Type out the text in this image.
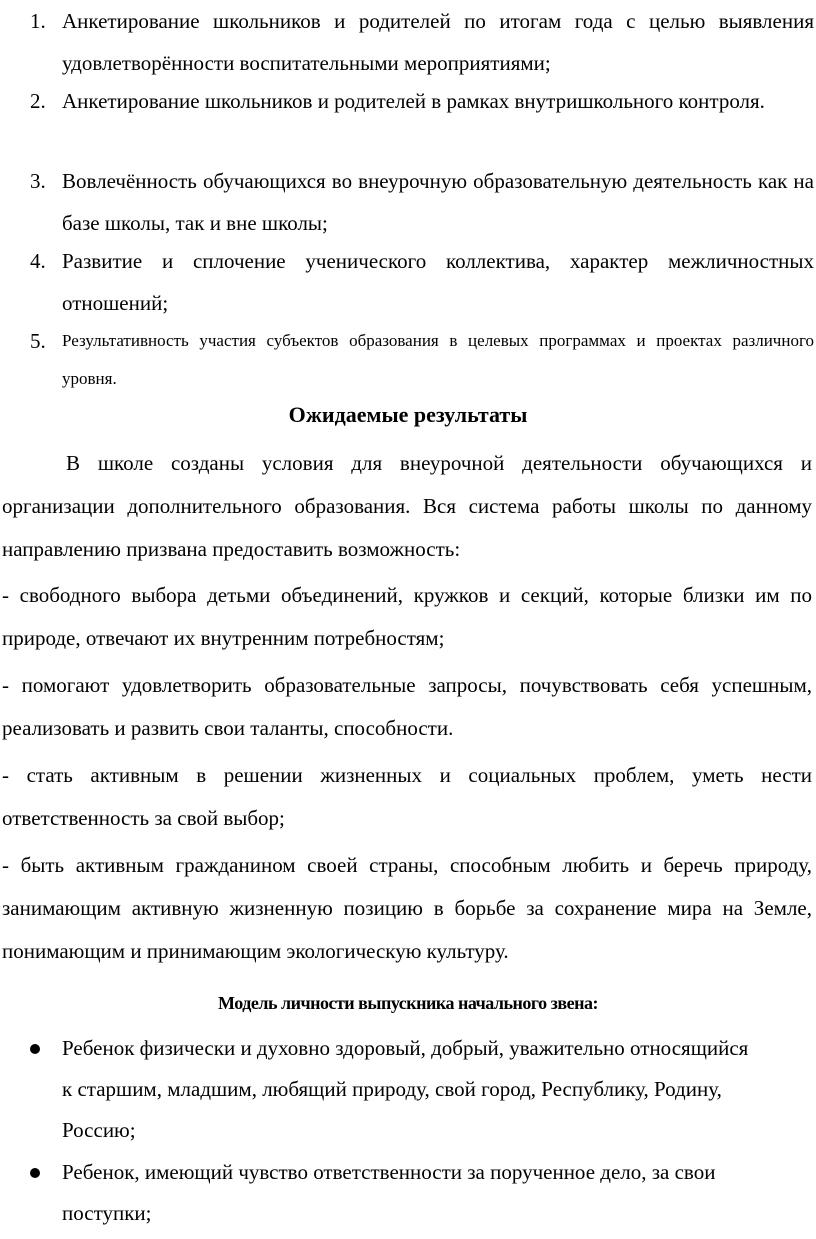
1. Анкетирование школьников и родителей по итогам года с целью выявления удовлетворённости воспитательными мероприятиями;
2. Анкетирование школьников и родителей в рамках внутришкольного контроля.
3. Вовлечённость обучающихся во внеурочную образовательную деятельность как на базе школы, так и вне школы;
4. Развитие и сплочение ученического коллектива, характер межличностных отношений;
5. Результативность участия субъектов образования в целевых программах и проектах различного уровня.
Ожидаемые результаты
В школе созданы условия для внеурочной деятельности обучающихся и организации дополнительного образования. Вся система работы школы по данному направлению призвана предоставить возможность:
- свободного выбора детьми объединений, кружков и секций, которые близки им по природе, отвечают их внутренним потребностям;
- помогают удовлетворить образовательные запросы, почувствовать себя успешным, реализовать и развить свои таланты, способности.
- стать активным в решении жизненных и социальных проблем, уметь нести ответственность за свой выбор;
- быть активным гражданином своей страны, способным любить и беречь природу, занимающим активную жизненную позицию в борьбе за сохранение мира на Земле, понимающим и принимающим экологическую культуру.
Модель личности выпускника начального звена:
Ребенок физически и духовно здоровый, добрый, уважительно относящийся к старшим, младшим, любящий природу, свой город, Республику, Родину, Россию;
Ребенок, имеющий чувство ответственности за порученное дело, за свои поступки;
